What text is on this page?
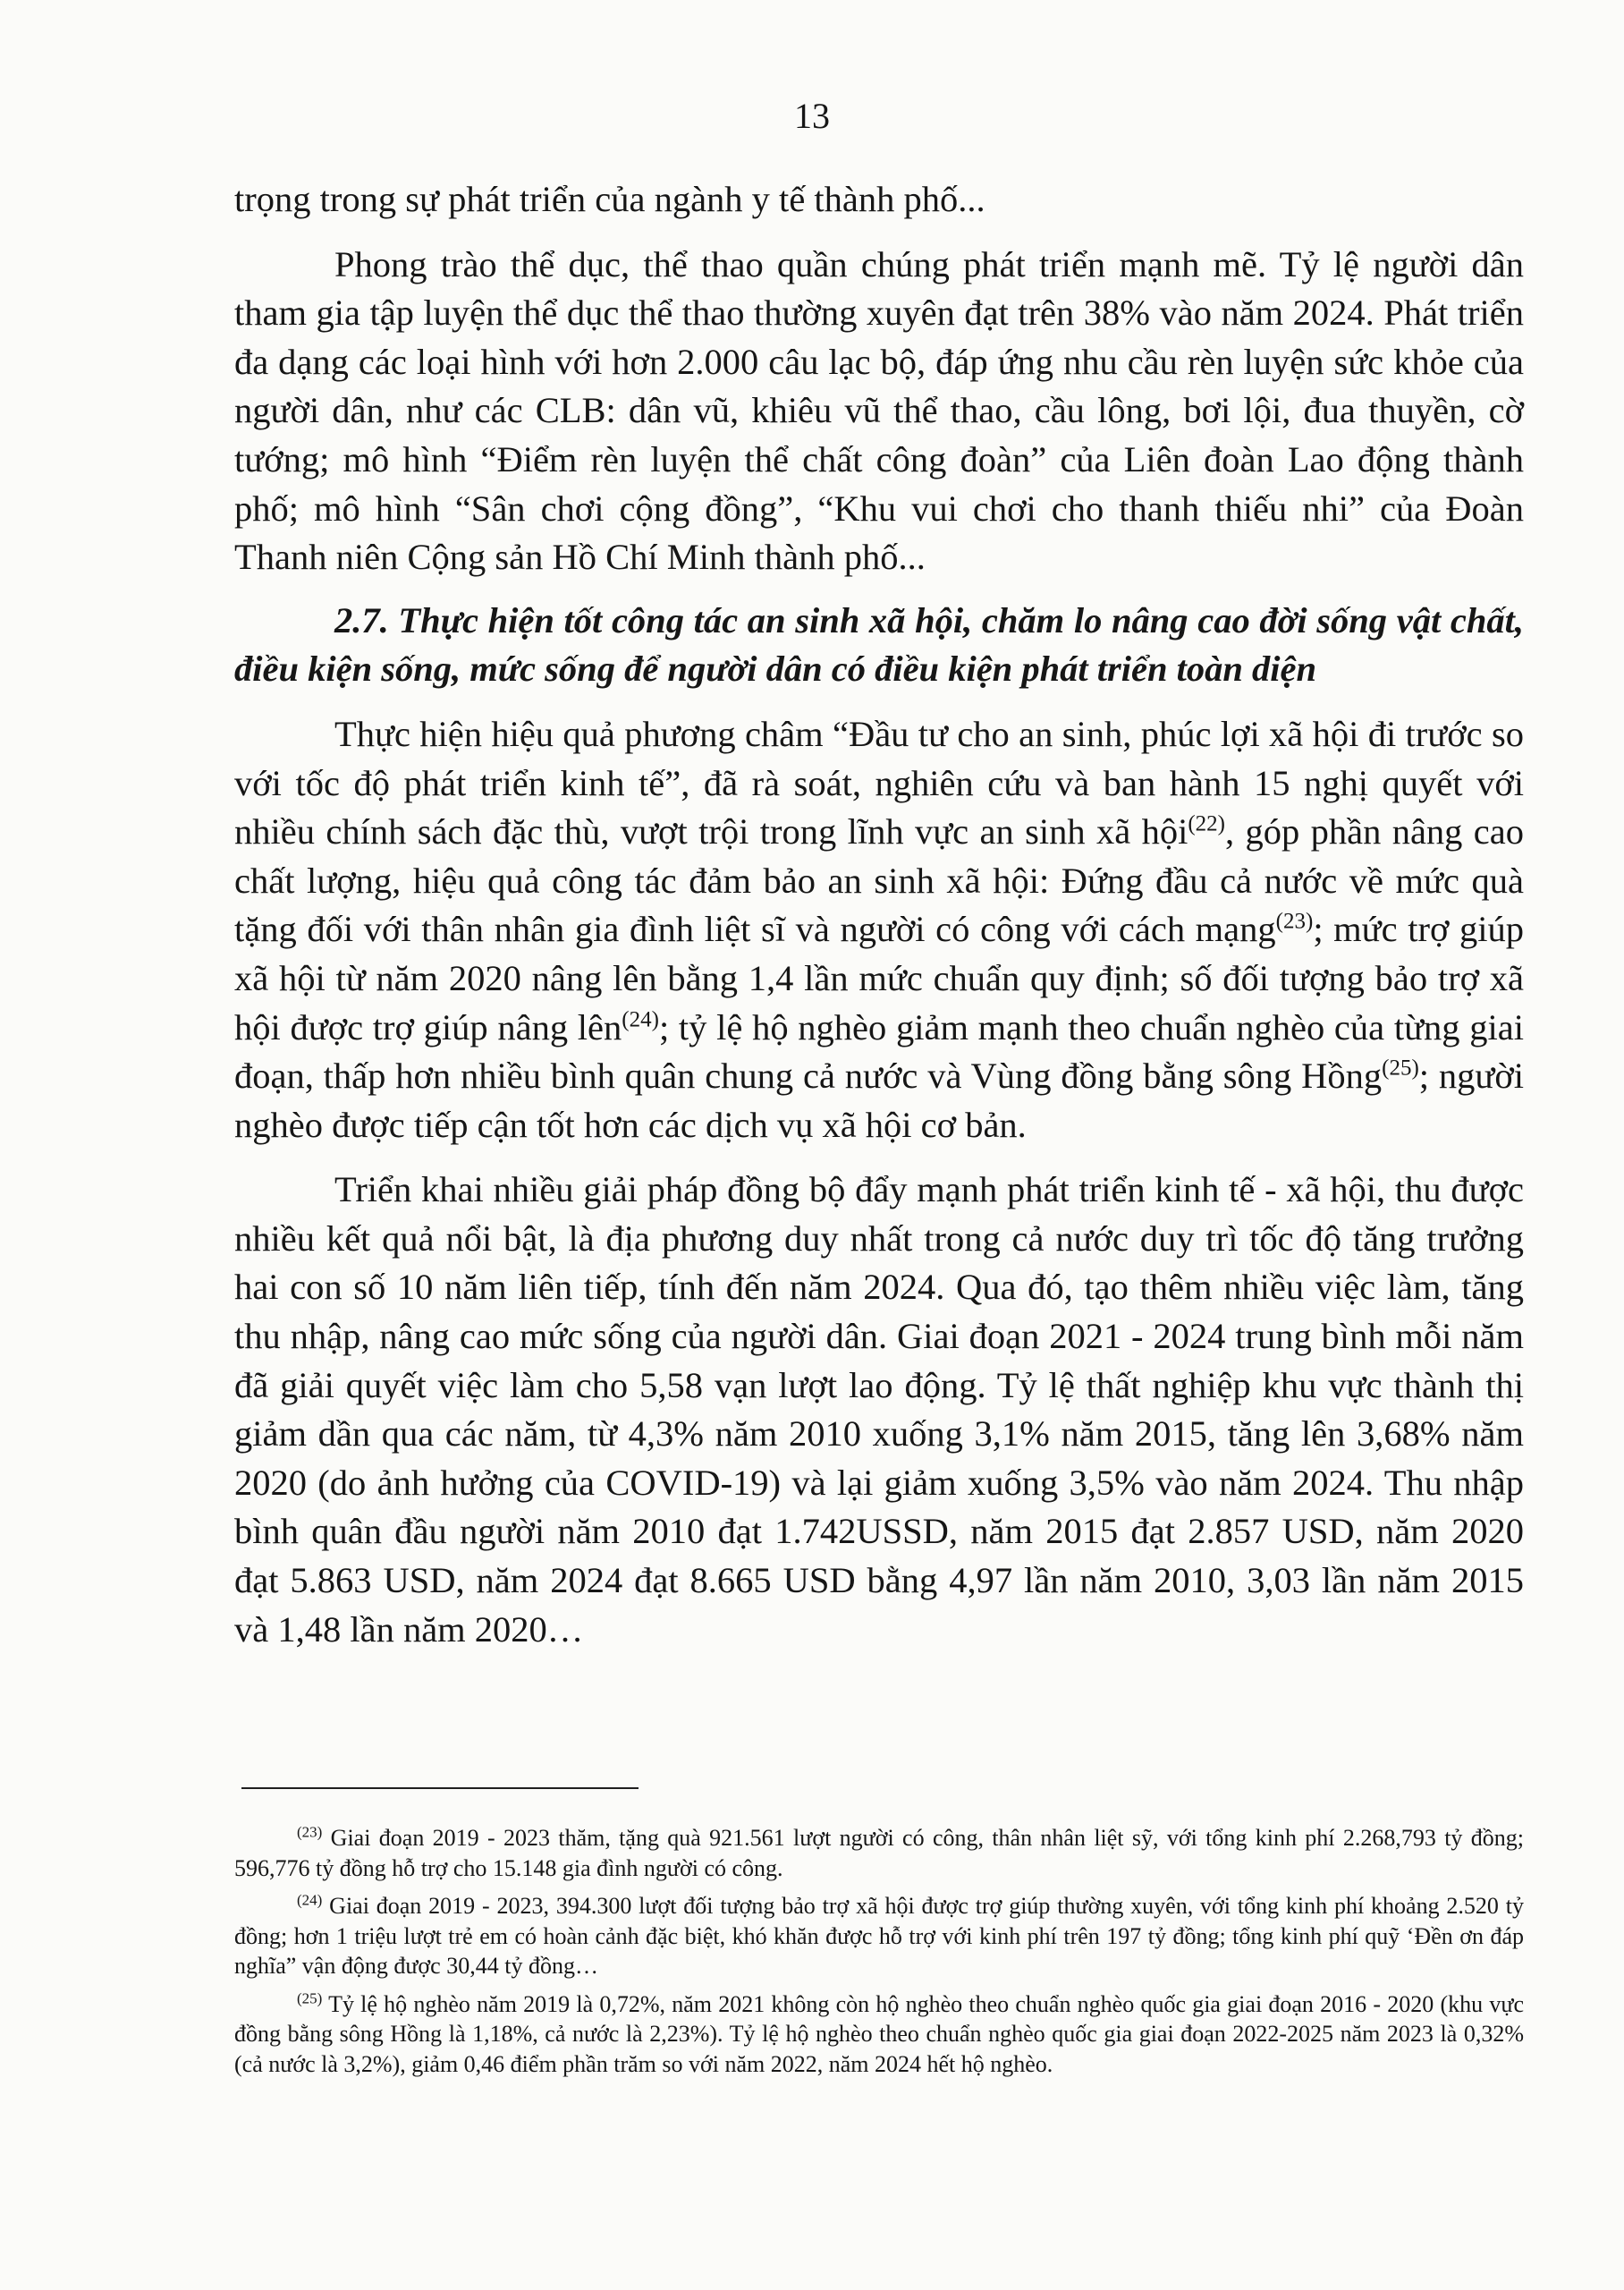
13

trọng trong sự phát triển của ngành y tế thành phố...

Phong trào thể dục, thể thao quần chúng phát triển mạnh mẽ. Tỷ lệ người dân tham gia tập luyện thể dục thể thao thường xuyên đạt trên 38% vào năm 2024. Phát triển đa dạng các loại hình với hơn 2.000 câu lạc bộ, đáp ứng nhu cầu rèn luyện sức khỏe của người dân, như các CLB: dân vũ, khiêu vũ thể thao, cầu lông, bơi lội, đua thuyền, cờ tướng; mô hình “Điểm rèn luyện thể chất công đoàn” của Liên đoàn Lao động thành phố; mô hình “Sân chơi cộng đồng”, “Khu vui chơi cho thanh thiếu nhi” của Đoàn Thanh niên Cộng sản Hồ Chí Minh thành phố...

2.7. Thực hiện tốt công tác an sinh xã hội, chăm lo nâng cao đời sống vật chất, điều kiện sống, mức sống để người dân có điều kiện phát triển toàn diện

Thực hiện hiệu quả phương châm “Đầu tư cho an sinh, phúc lợi xã hội đi trước so với tốc độ phát triển kinh tế”, đã rà soát, nghiên cứu và ban hành 15 nghị quyết với nhiều chính sách đặc thù, vượt trội trong lĩnh vực an sinh xã hội$^{(22)}$, góp phần nâng cao chất lượng, hiệu quả công tác đảm bảo an sinh xã hội: Đứng đầu cả nước về mức quà tặng đối với thân nhân gia đình liệt sĩ và người có công với cách mạng$^{(23)}$; mức trợ giúp xã hội từ năm 2020 nâng lên bằng 1,4 lần mức chuẩn quy định; số đối tượng bảo trợ xã hội được trợ giúp nâng lên$^{(24)}$; tỷ lệ hộ nghèo giảm mạnh theo chuẩn nghèo của từng giai đoạn, thấp hơn nhiều bình quân chung cả nước và Vùng đồng bằng sông Hồng$^{(25)}$; người nghèo được tiếp cận tốt hơn các dịch vụ xã hội cơ bản.

Triển khai nhiều giải pháp đồng bộ đẩy mạnh phát triển kinh tế - xã hội, thu được nhiều kết quả nổi bật, là địa phương duy nhất trong cả nước duy trì tốc độ tăng trưởng hai con số 10 năm liên tiếp, tính đến năm 2024. Qua đó, tạo thêm nhiều việc làm, tăng thu nhập, nâng cao mức sống của người dân. Giai đoạn 2021 - 2024 trung bình mỗi năm đã giải quyết việc làm cho 5,58 vạn lượt lao động. Tỷ lệ thất nghiệp khu vực thành thị giảm dần qua các năm, từ 4,3% năm 2010 xuống 3,1% năm 2015, tăng lên 3,68% năm 2020 (do ảnh hưởng của COVID-19) và lại giảm xuống 3,5% vào năm 2024. Thu nhập bình quân đầu người năm 2010 đạt 1.742USSD, năm 2015 đạt 2.857 USD, năm 2020 đạt 5.863 USD, năm 2024 đạt 8.665 USD bằng 4,97 lần năm 2010, 3,03 lần năm 2015 và 1,48 lần năm 2020…

$^{(23)}$ Giai đoạn 2019 - 2023 thăm, tặng quà 921.561 lượt người có công, thân nhân liệt sỹ, với tổng kinh phí 2.268,793 tỷ đồng; 596,776 tỷ đồng hỗ trợ cho 15.148 gia đình người có công.

$^{(24)}$ Giai đoạn 2019 - 2023, 394.300 lượt đối tượng bảo trợ xã hội được trợ giúp thường xuyên, với tổng kinh phí khoảng 2.520 tỷ đồng; hơn 1 triệu lượt trẻ em có hoàn cảnh đặc biệt, khó khăn được hỗ trợ với kinh phí trên 197 tỷ đồng; tổng kinh phí quỹ ‘Đền ơn đáp nghĩa” vận động được 30,44 tỷ đồng…

$^{(25)}$ Tỷ lệ hộ nghèo năm 2019 là 0,72%, năm 2021 không còn hộ nghèo theo chuẩn nghèo quốc gia giai đoạn 2016 - 2020 (khu vực đồng bằng sông Hồng là 1,18%, cả nước là 2,23%). Tỷ lệ hộ nghèo theo chuẩn nghèo quốc gia giai đoạn 2022-2025 năm 2023 là 0,32% (cả nước là 3,2%), giảm 0,46 điểm phần trăm so với năm 2022, năm 2024 hết hộ nghèo.
